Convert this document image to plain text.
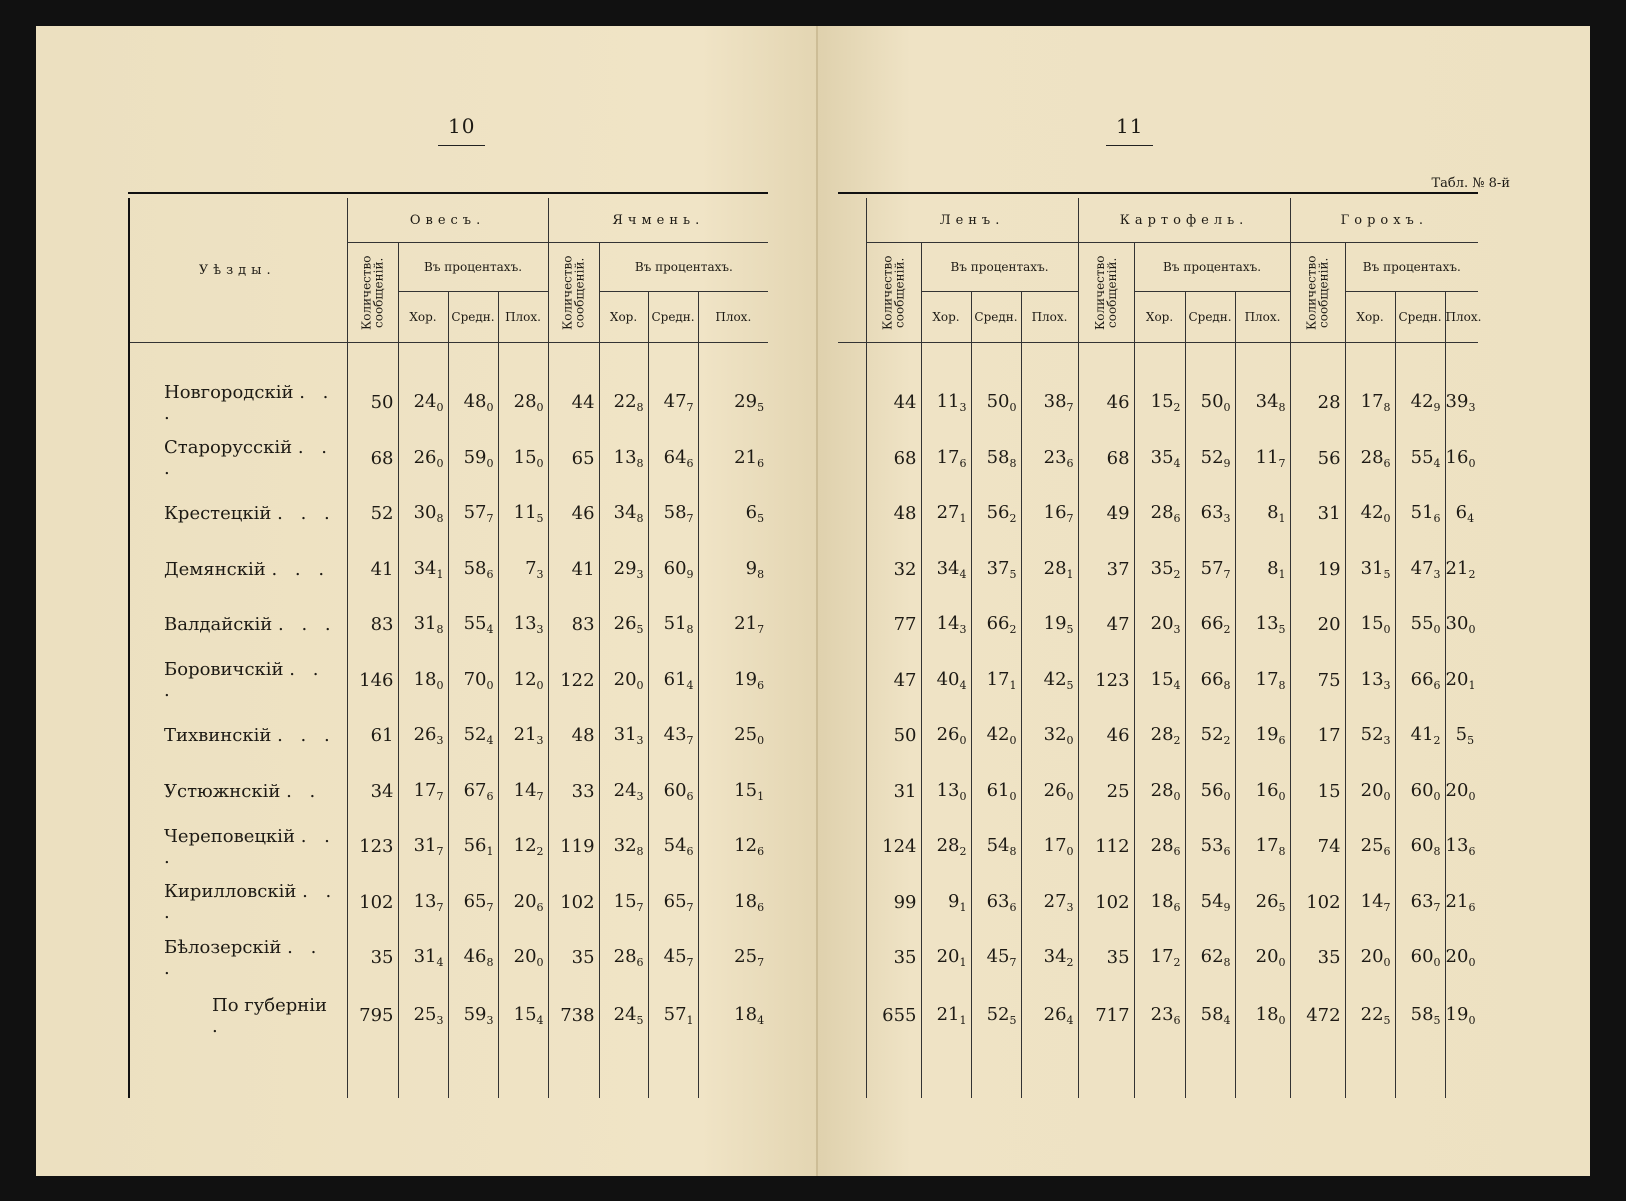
10
Уѣзды.	Овесъ.				Ячмень.			
	Количество сообщеній.	Въ процентахъ.			Количество сообщеній.	Въ процентахъ.		
		Хор.	Средн.	Плох.		Хор.	Средн.	Плох.

Новгородскій . . .	50	$24_0$	$48_0$	$28_0$	44	$22_8$	$47_7$	$29_5$
Старорусскій . . .	68	$26_0$	$59_0$	$15_0$	65	$13_8$	$64_6$	$21_6$
Крестецкій . . .	52	$30_8$	$57_7$	$11_5$	46	$34_8$	$58_7$	$6_5$
Демянскій . . .	41	$34_1$	$58_6$	$7_3$	41	$29_3$	$60_9$	$9_8$
Валдайскій . . .	83	$31_8$	$55_4$	$13_3$	83	$26_5$	$51_8$	$21_7$
Боровичскій . . .	146	$18_0$	$70_0$	$12_0$	122	$20_0$	$61_4$	$19_6$
Тихвинскій . . .	61	$26_3$	$52_4$	$21_3$	48	$31_3$	$43_7$	$25_0$
Устюжнскій . .	34	$17_7$	$67_6$	$14_7$	33	$24_3$	$60_6$	$15_1$
Череповецкій . . .	123	$31_7$	$56_1$	$12_2$	119	$32_8$	$54_6$	$12_6$
Кирилловскій . . .	102	$13_7$	$65_7$	$20_6$	102	$15_7$	$65_7$	$18_6$
Бѣлозерскій . . .	35	$31_4$	$46_8$	$20_0$	35	$28_6$	$45_7$	$25_7$
По губерніи .	795	$25_3$	$59_3$	$15_4$	738	$24_5$	$57_1$	$18_4$

11
Табл. № 8-й
	Ленъ.				Картофель.				Горохъ.			
	Количество сообщеній.	Въ процентахъ.			Количество сообщеній.	Въ процентахъ.			Количество сообщеній.	Въ процентахъ.		
		Хор.	Средн.	Плох.		Хор.	Средн.	Плох.		Хор.	Средн.	Плох.

	44	$11_3$	$50_0$	$38_7$	46	$15_2$	$50_0$	$34_8$	28	$17_8$	$42_9$	$39_3$
	68	$17_6$	$58_8$	$23_6$	68	$35_4$	$52_9$	$11_7$	56	$28_6$	$55_4$	$16_0$
	48	$27_1$	$56_2$	$16_7$	49	$28_6$	$63_3$	$8_1$	31	$42_0$	$51_6$	$6_4$
	32	$34_4$	$37_5$	$28_1$	37	$35_2$	$57_7$	$8_1$	19	$31_5$	$47_3$	$21_2$
	77	$14_3$	$66_2$	$19_5$	47	$20_3$	$66_2$	$13_5$	20	$15_0$	$55_0$	$30_0$
	47	$40_4$	$17_1$	$42_5$	123	$15_4$	$66_8$	$17_8$	75	$13_3$	$66_6$	$20_1$
	50	$26_0$	$42_0$	$32_0$	46	$28_2$	$52_2$	$19_6$	17	$52_3$	$41_2$	$5_5$
	31	$13_0$	$61_0$	$26_0$	25	$28_0$	$56_0$	$16_0$	15	$20_0$	$60_0$	$20_0$
	124	$28_2$	$54_8$	$17_0$	112	$28_6$	$53_6$	$17_8$	74	$25_6$	$60_8$	$13_6$
	99	$9_1$	$63_6$	$27_3$	102	$18_6$	$54_9$	$26_5$	102	$14_7$	$63_7$	$21_6$
	35	$20_1$	$45_7$	$34_2$	35	$17_2$	$62_8$	$20_0$	35	$20_0$	$60_0$	$20_0$
	655	$21_1$	$52_5$	$26_4$	717	$23_6$	$58_4$	$18_0$	472	$22_5$	$58_5$	$19_0$
